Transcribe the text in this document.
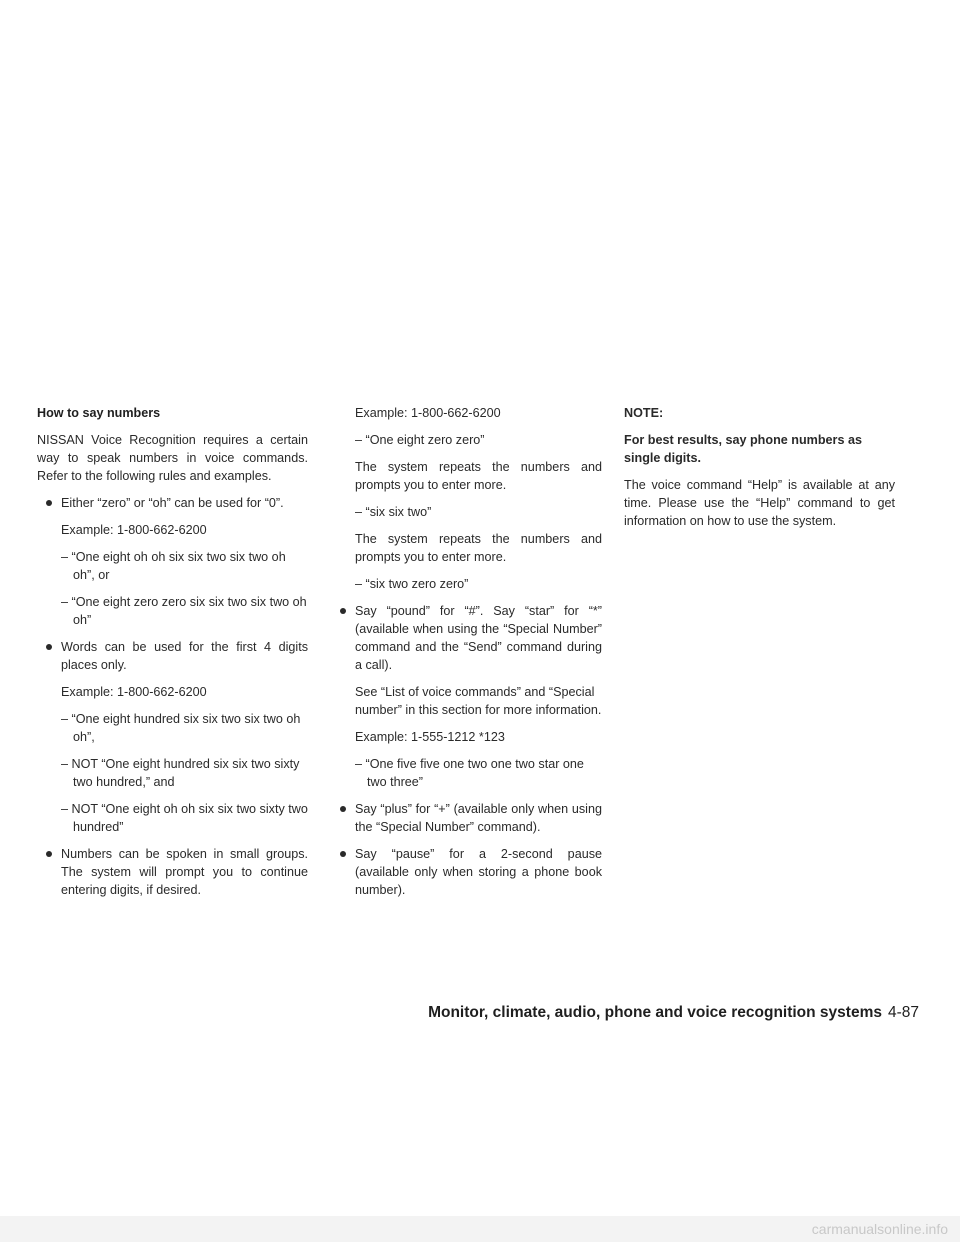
How to say numbers

NISSAN Voice Recognition requires a certain way to speak numbers in voice commands. Refer to the following rules and examples.

Either “zero” or “oh” can be used for “0”.

Example: 1-800-662-6200

– “One eight oh oh six six two six two oh oh”, or
– “One eight zero zero six six two six two oh oh”
Words can be used for the first 4 digits places only.

Example: 1-800-662-6200

– “One eight hundred six six two six two oh oh”,
– NOT “One eight hundred six six two sixty two hundred,” and
– NOT “One eight oh oh six six two sixty two hundred”
Numbers can be spoken in small groups. The system will prompt you to continue entering digits, if desired.

Example: 1-800-662-6200

– “One eight zero zero”

The system repeats the numbers and prompts you to enter more.

– “six six two”

The system repeats the numbers and prompts you to enter more.

– “six two zero zero”
Say “pound” for “#”. Say “star” for “*” (available when using the “Special Number” command and the “Send” command during a call).

See “List of voice commands” and “Special number” in this section for more information.

Example: 1-555-1212 *123

– “One five five one two one two star one two three”
Say “plus” for “+” (available only when using the “Special Number” command).
Say “pause” for a 2-second pause (available only when storing a phone book number).
NOTE:
For best results, say phone numbers as single digits.

The voice command “Help” is available at any time. Please use the “Help” command to get information on how to use the system.

Monitor, climate, audio, phone and voice recognition systems 4-87
carmanualsonline.info
